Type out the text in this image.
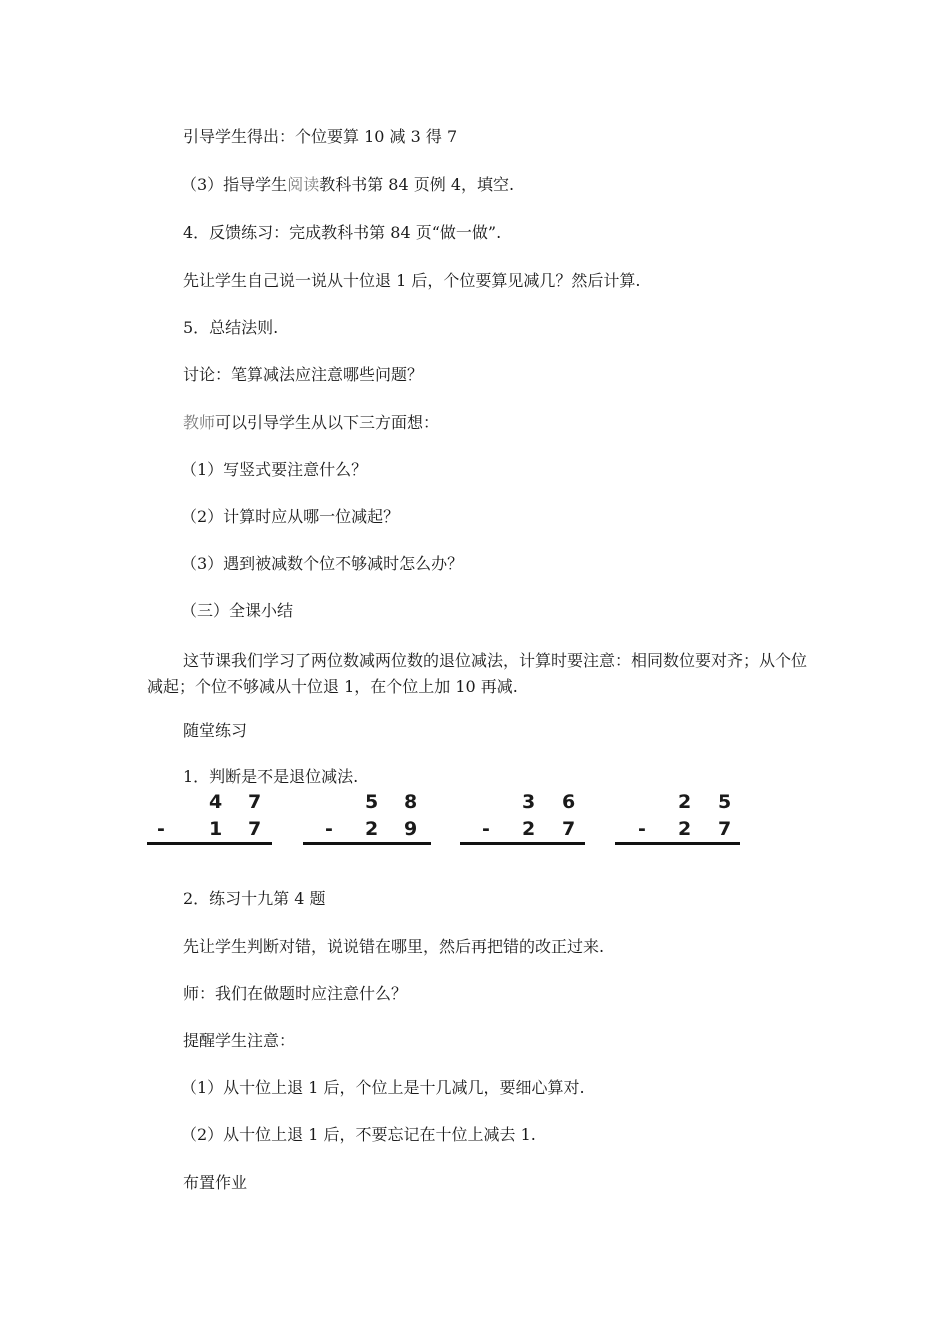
引导学生得出：个位要算 10 减 3 得 7

（3）指导学生阅读教科书第 84 页例 4，填空.

4．反馈练习：完成教科书第 84 页“做一做”.

先让学生自己说一说从十位退 1 后，个位要算见减几？然后计算.

5．总结法则.

讨论：笔算减法应注意哪些问题？

教师可以引导学生从以下三方面想：

（1）写竖式要注意什么？

（2）计算时应从哪一位减起？

（3）遇到被减数个位不够减时怎么办？

（三）全课小结

这节课我们学习了两位数减两位数的退位减法，计算时要注意：相同数位要对齐；从个位减起；个位不够减从十位退 1，在个位上加 10 再减.

随堂练习

1．判断是不是退位减法.

4 7
- 1 7
5 8
- 2 9
3 6
- 2 7
2 5
- 2 7

2．练习十九第 4 题

先让学生判断对错，说说错在哪里，然后再把错的改正过来.

师：我们在做题时应注意什么？

提醒学生注意：

（1）从十位上退 1 后，个位上是十几减几，要细心算对.

（2）从十位上退 1 后，不要忘记在十位上减去 1.

布置作业
